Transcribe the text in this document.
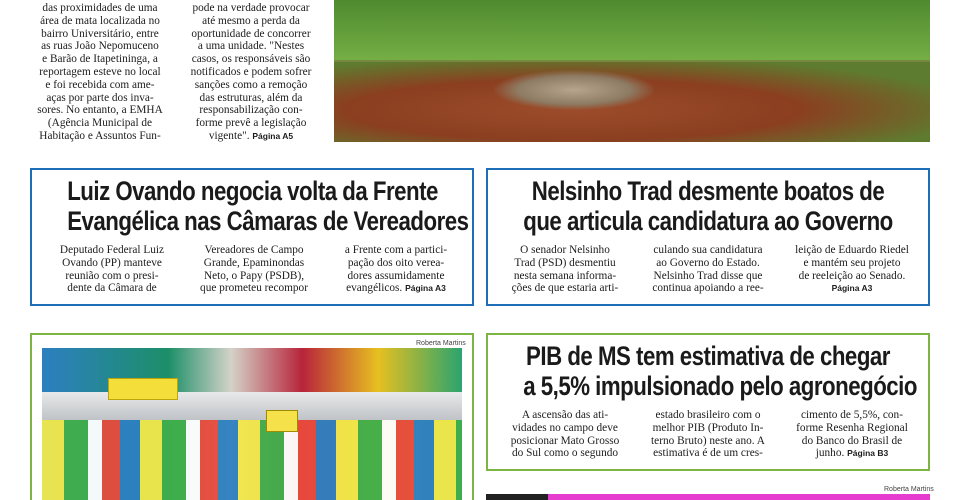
das proximidades de uma
área de mata localizada no
bairro Universitário, entre
as ruas João Nepomuceno
e Barão de Itapetininga, a
reportagem esteve no local
e foi recebida com ame-
aças por parte dos inva-
sores. No entanto, a EMHA
(Agência Municipal de
Habitação e Assuntos Fun-
pode na verdade provocar
até mesmo a perda da
oportunidade de concorrer
a uma unidade. "Nestes
casos, os responsáveis são
notificados e podem sofrer
sanções como a remoção
das estruturas, além da
responsabilização con-
forme prevê a legislação
vigente". Página A5
Luiz Ovando negocia volta da Frente
Evangélica nas Câmaras de Vereadores
Deputado Federal Luiz
Ovando (PP) manteve
reunião com o presi-
dente da Câmara de
Vereadores de Campo
Grande, Epaminondas
Neto, o Papy (PSDB),
que prometeu recompor
a Frente com a partici-
pação dos oito verea-
dores assumidamente
evangélicos. Página A3
Nelsinho Trad desmente boatos de
que articula candidatura ao Governo
O senador Nelsinho
Trad (PSD) desmentiu
nesta semana informa-
ções de que estaria arti-
culando sua candidatura
ao Governo do Estado.
Nelsinho Trad disse que
continua apoiando a ree-
leição de Eduardo Riedel
e mantém seu projeto
de reeleição ao Senado.
Página A3
Roberta Martins PIB de MS tem estimativa de chegar
a 5,5% impulsionado pelo agronegócio
A ascensão das ati-
vidades no campo deve
posicionar Mato Grosso
do Sul como o segundo
estado brasileiro com o
melhor PIB (Produto In-
terno Bruto) neste ano. A
estimativa é de um cres-
cimento de 5,5%, con-
forme Resenha Regional
do Banco do Brasil de
junho. Página B3
Roberta Martins
